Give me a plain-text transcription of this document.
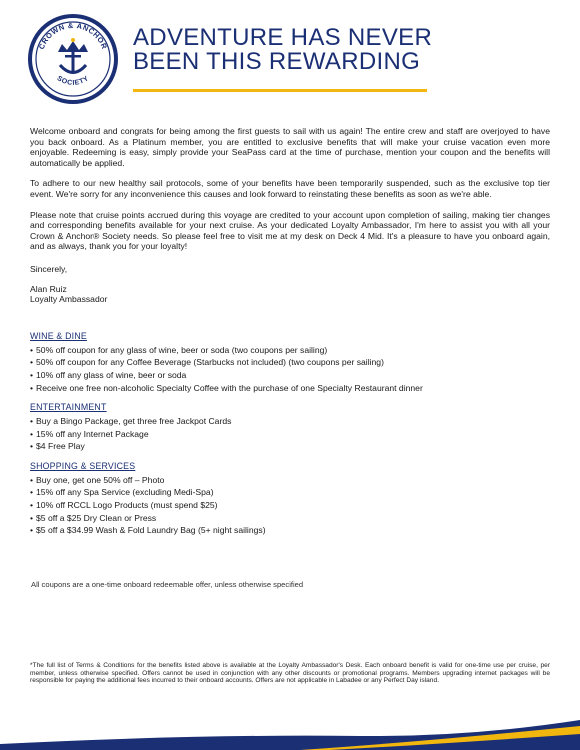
CROWN & ANCHOR
SOCIETY
ADVENTURE HAS NEVER
BEEN THIS REWARDING

Welcome onboard and congrats for being among the first guests to sail with us again! The entire crew and staff are overjoyed to have you back onboard. As a Platinum member, you are entitled to exclusive benefits that will make your cruise vacation even more enjoyable. Redeeming is easy, simply provide your SeaPass card at the time of purchase, mention your coupon and the benefits will automatically be applied.

To adhere to our new healthy sail protocols, some of your benefits have been temporarily suspended, such as the exclusive top tier event. We're sorry for any inconvenience this causes and look forward to reinstating these benefits as soon as we're able.

Please note that cruise points accrued during this voyage are credited to your account upon completion of sailing, making tier changes and corresponding benefits available for your next cruise. As your dedicated Loyalty Ambassador, I'm here to assist you with all your Crown & Anchor® Society needs. So please feel free to visit me at my desk on Deck 4 Mid. It's a pleasure to have you onboard again, and as always, thank you for your loyalty!

Sincerely,
Alan Ruiz
Loyalty Ambassador
WINE & DINE
• 50% off coupon for any glass of wine, beer or soda (two coupons per sailing)
• 50% off coupon for any Coffee Beverage (Starbucks not included) (two coupons per sailing)
• 10% off any glass of wine, beer or soda
• Receive one free non-alcoholic Specialty Coffee with the purchase of one Specialty Restaurant dinner
ENTERTAINMENT
• Buy a Bingo Package, get three free Jackpot Cards
• 15% off any Internet Package
• $4 Free Play
SHOPPING & SERVICES
• Buy one, get one 50% off – Photo
• 15% off any Spa Service (excluding Medi-Spa)
• 10% off RCCL Logo Products (must spend $25)
• $5 off a $25 Dry Clean or Press
• $5 off a $34.99 Wash & Fold Laundry Bag (5+ night sailings)
All coupons are a one-time onboard redeemable offer, unless otherwise specified
*The full list of Terms & Conditions for the benefits listed above is available at the Loyalty Ambassador's Desk. Each onboard benefit is valid for one-time use per cruise, per member, unless otherwise specified. Offers cannot be used in conjunction with any other discounts or promotional programs. Members upgrading internet packages will be responsible for paying the additional fees incurred to their onboard accounts. Offers are not applicable in Labadee or any Perfect Day island.
